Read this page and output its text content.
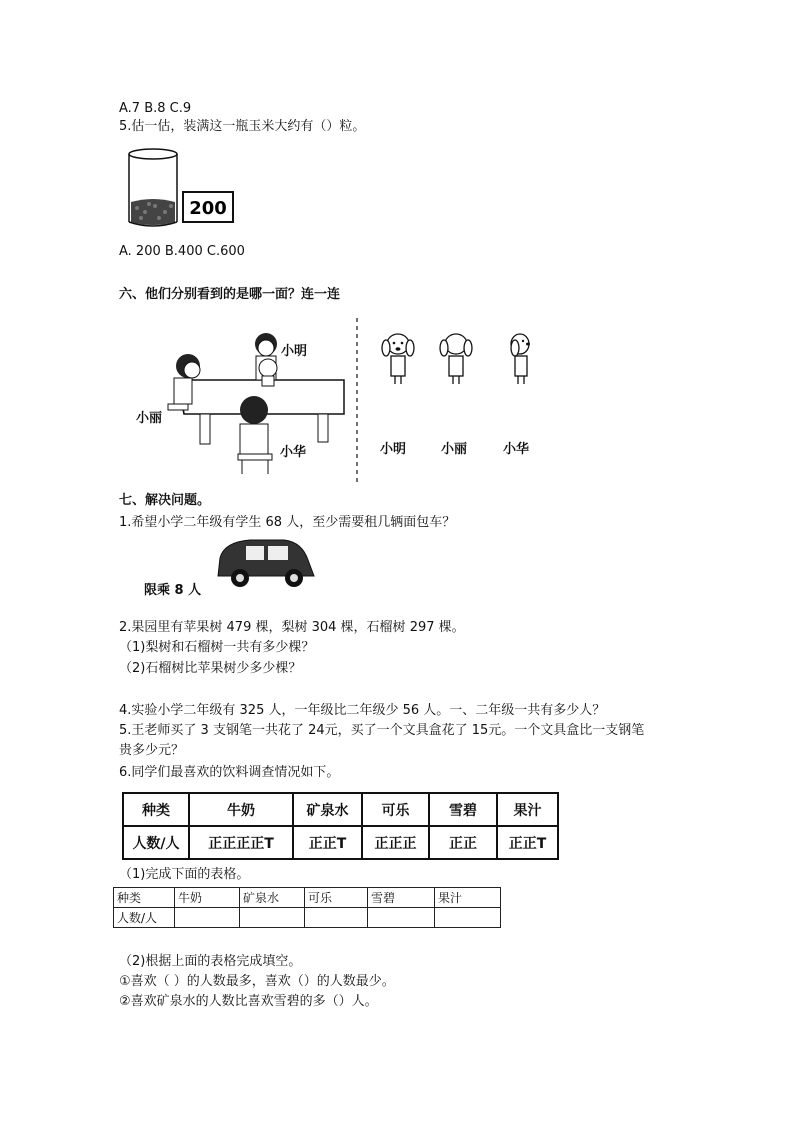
A.7 B.8 C.9
5.估一估，装满这一瓶玉米大约有（）粒。
200
A. 200 B.400 C.600
六、他们分别看到的是哪一面？连一连
小明
小丽
小华	小明	小丽	小华
七、解决问题。
1.希望小学二年级有学生 68 人，至少需要租几辆面包车？
限乘 8 人
2.果园里有苹果树 479 棵，梨树 304 棵，石榴树 297 棵。
（1)梨树和石榴树一共有多少棵？
（2)石榴树比苹果树少多少棵？
4.实验小学二年级有 325 人，一年级比二年级少 56 人。一、二年级一共有多少人？
5.王老师买了 3 支钢笔一共花了 24元，买了一个文具盒花了 15元。一个文具盒比一支钢笔
贵多少元？
6.同学们最喜欢的饮料调查情况如下。
种类	牛奶	矿泉水	可乐	雪碧	果汁
人数/人	正正正正T	正正T	正正正	正正	正正T
（1)完成下面的表格。
种类	牛奶	矿泉水	可乐	雪碧	果汁
人数/人					
（2)根据上面的表格完成填空。
①喜欢（ ）的人数最多，喜欢（）的人数最少。
②喜欢矿泉水的人数比喜欢雪碧的多（）人。
